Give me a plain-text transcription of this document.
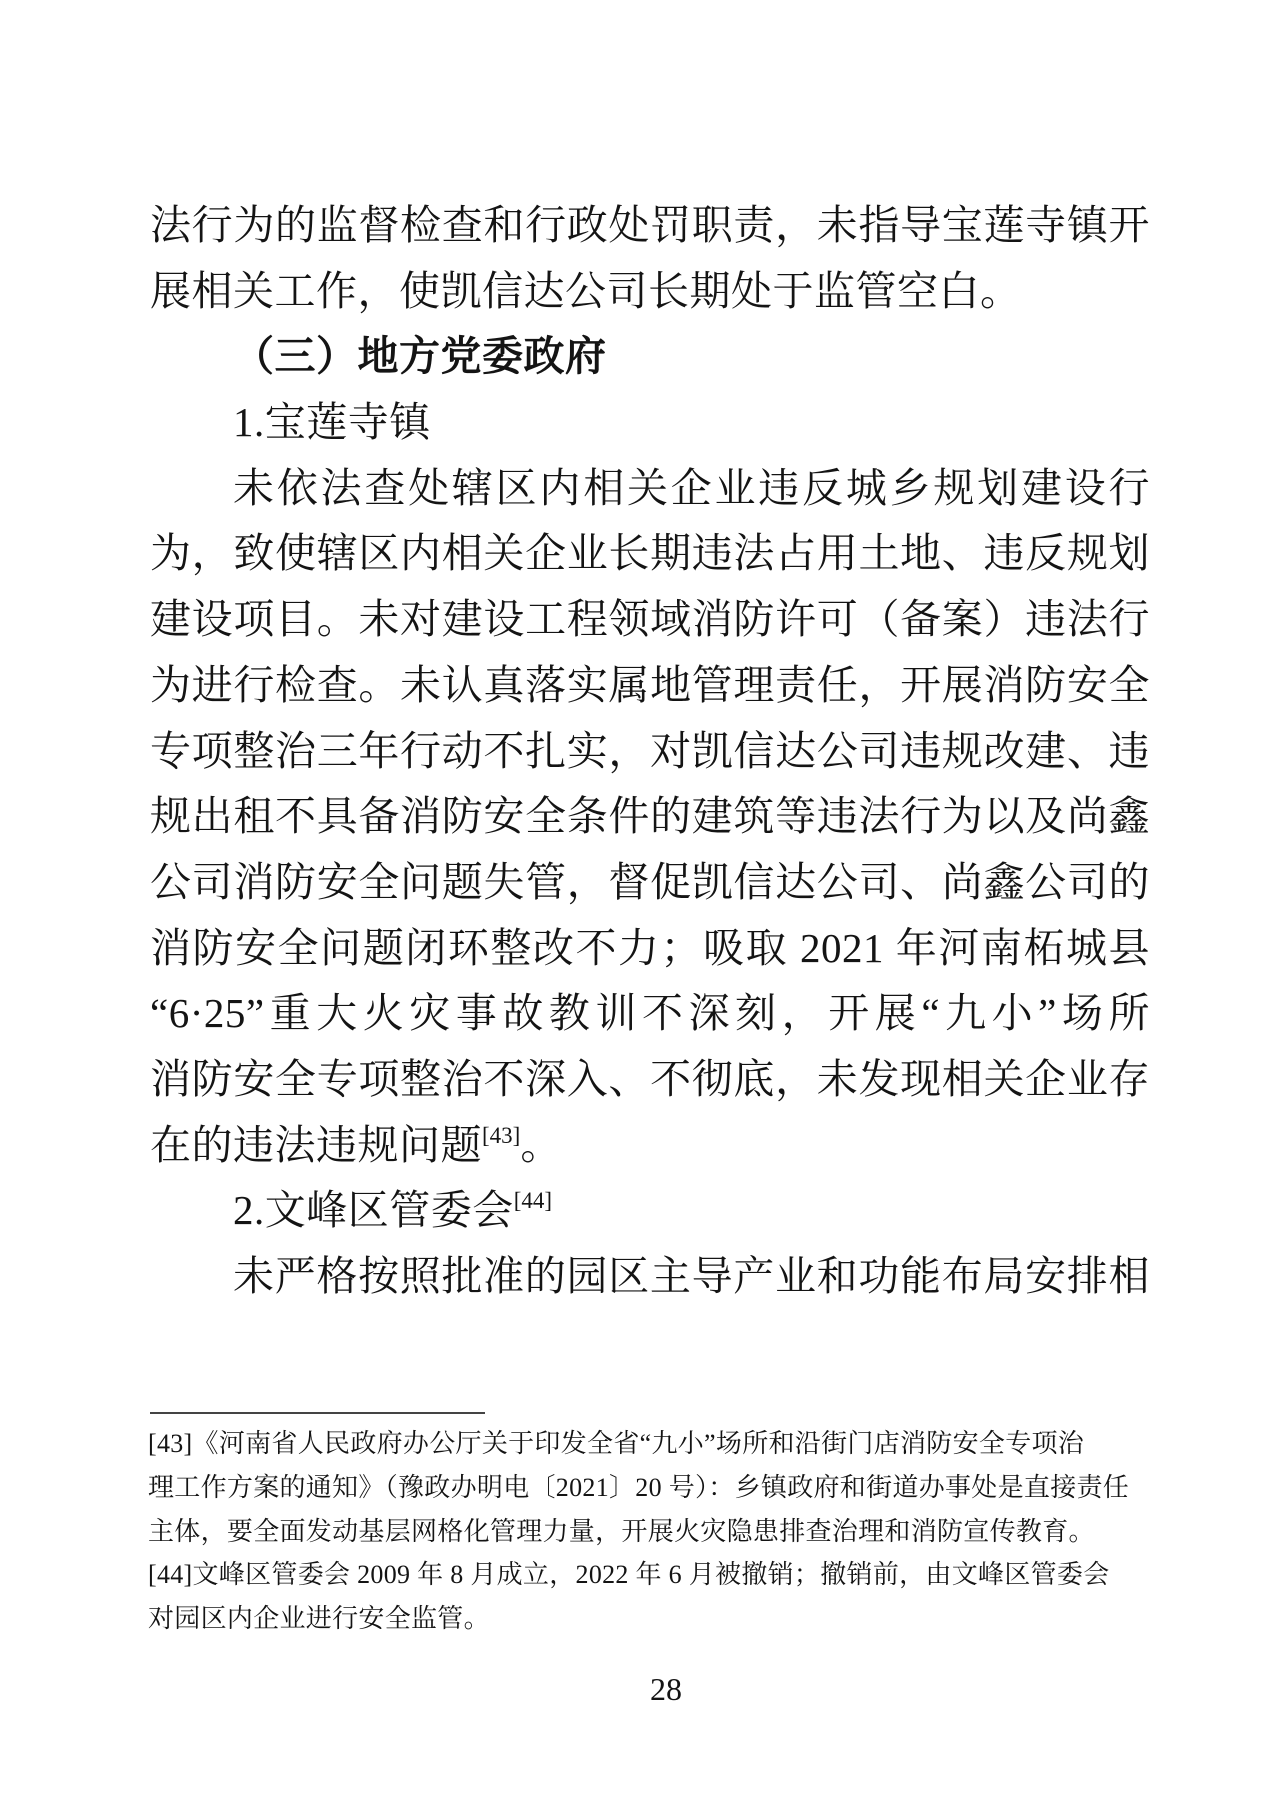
法行为的监督检查和行政处罚职责，未指导宝莲寺镇开
展相关工作，使凯信达公司长期处于监管空白。
（三）地方党委政府
1.宝莲寺镇
未依法查处辖区内相关企业违反城乡规划建设行
为，致使辖区内相关企业长期违法占用土地、违反规划
建设项目。未对建设工程领域消防许可（备案）违法行
为进行检查。未认真落实属地管理责任，开展消防安全
专项整治三年行动不扎实，对凯信达公司违规改建、违
规出租不具备消防安全条件的建筑等违法行为以及尚鑫
公司消防安全问题失管，督促凯信达公司、尚鑫公司的
消防安全问题闭环整改不力；吸取 2021 年河南柘城县
“6·25”重大火灾事故教训不深刻，开展“九小”场所
消防安全专项整治不深入、不彻底，未发现相关企业存
在的违法违规问题[43]。
2.文峰区管委会[44]
未严格按照批准的园区主导产业和功能布局安排相
[43]《河南省人民政府办公厅关于印发全省“九小”场所和沿街门店消防安全专项治
理工作方案的通知》（豫政办明电〔2021〕20 号）：乡镇政府和街道办事处是直接责任
主体，要全面发动基层网格化管理力量，开展火灾隐患排查治理和消防宣传教育。
[44]文峰区管委会 2009 年 8 月成立，2022 年 6 月被撤销；撤销前，由文峰区管委会
对园区内企业进行安全监管。
28
